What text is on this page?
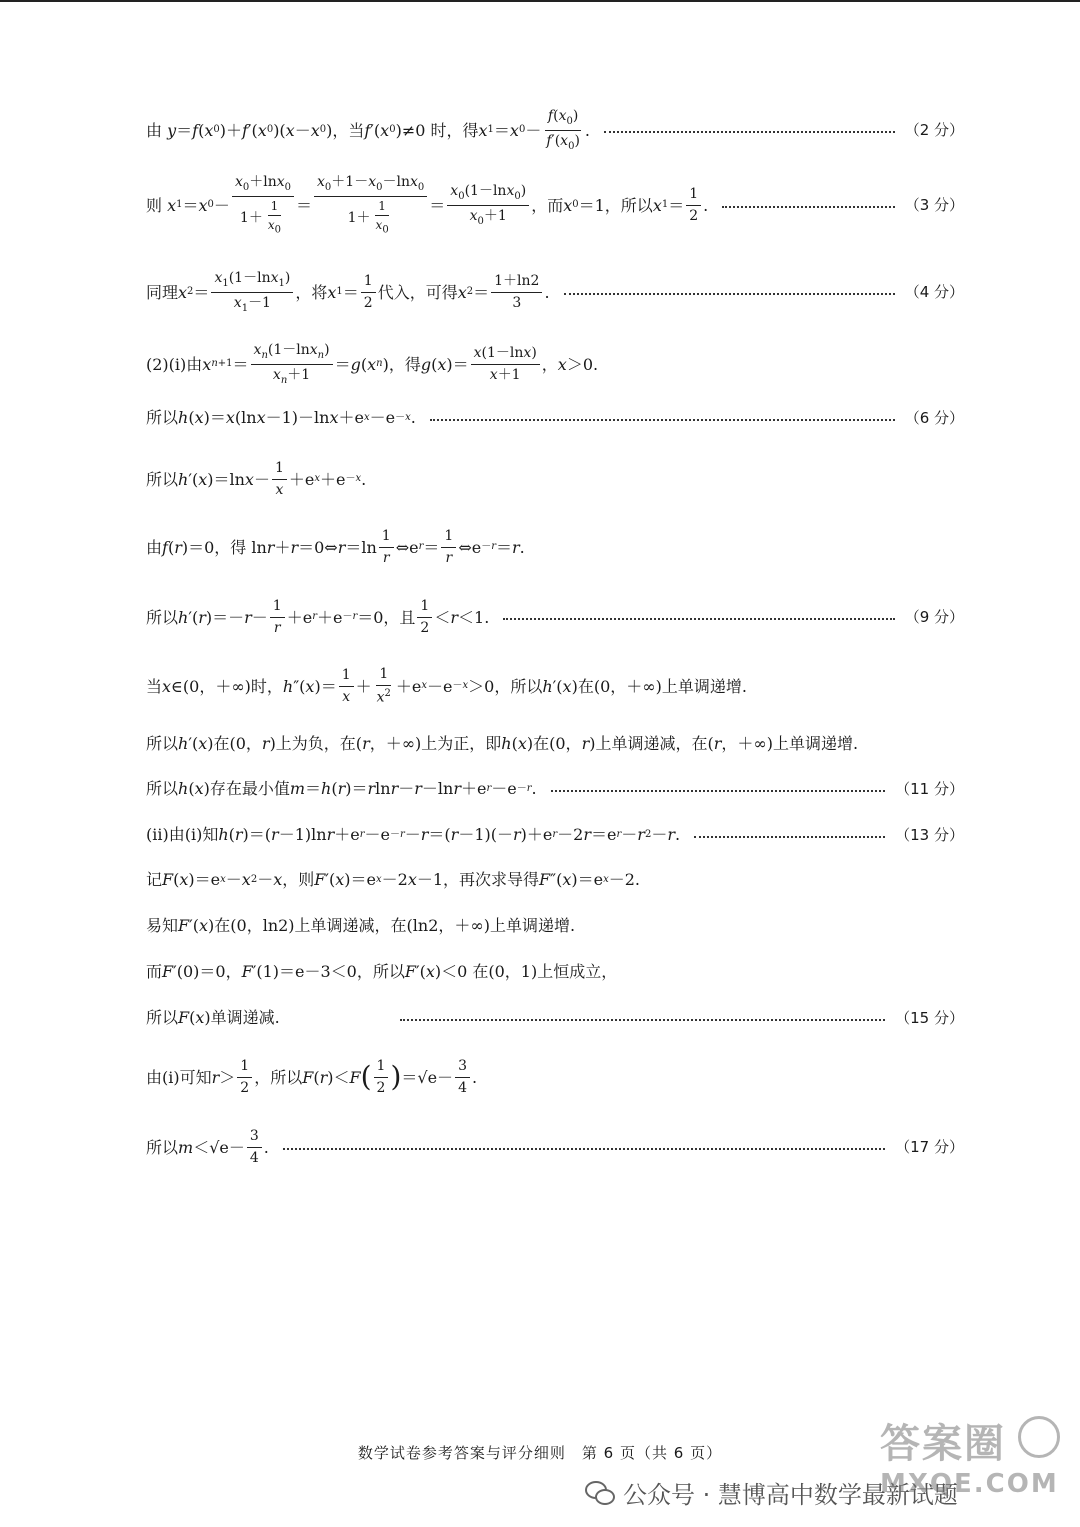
由 y ＝ f ( x 0 )＋ f ′( x 0 )( x － x 0 )，当 f ′( x 0 )≠0 时，得 x 1 ＝ x $0 - \frac{f(x_0)}{f'(x_0)}$ .	（2 分）
则 x 1 ＝ x $0 - \frac{x_0+\ln x_0}{1+ \frac{1}{x_0}} = \frac{x_0+1-x_0-\ln x_0}{1+ \frac{1}{x_0}} = \frac{x_0(1-\ln x_0)}{x_0+1}$ ，而 x 0 ＝1，所以 x $1 = \frac{1}{2}$ .	（3 分）
同理 x $2 = \frac{x_1(1-\ln x_1)}{x_1-1}$ ，将 x $1 = \frac{1}{2}$ 代入，可得 x $2 = \frac{1+\ln 2}{3}$ .	（4 分）
(2)(i)由 x $n+1 = \frac{x_n(1-\ln x_n)}{x_n+1} = g$ ( x n )，得 g ( x )＝ $\frac{x(1-\ln x)}{x+1}$ ， x ＞0.
所以 h ( x )＝ x (ln x －1)－ln x ＋e x －e －x .	（6 分）
所以 h ′( x )＝ln $x - \frac{1}{x} +e$ x ＋e －x .
由 f ( r )＝0，得 ln r ＋ r ＝0⇔ $r =\ln \frac{1}{r}$ ⇔e $r = \frac{1}{r}$ ⇔e －r ＝ r .
所以 h ′( r )＝－ $r - \frac{1}{r} +e$ r ＋e －r ＝0，且 $\frac{1}{2} < r <1$.	（9 分）
当 x ∈(0，＋∞)时， h ″( x )＝ $\frac{1}{x} + \frac{1}{x^2} +e$ x －e －x ＞0，所以 h ′( x )在(0，＋∞)上单调递增.
所以 h ′( x )在(0， r )上为负，在( r ，＋∞)上为正，即 h ( x )在(0， r )上单调递减，在( r ，＋∞)上单调递增.
所以 h ( x )存在最小值 m ＝ h ( r )＝ r ln r － r －ln r ＋e r －e －r .	（11 分）
(ii)由(i)知 h ( r )＝( r －1)ln r ＋e r －e －r － r ＝( r －1)(－ r )＋e r －2 r ＝e r － r 2 － r .	（13 分）
记 F ( x )＝e x － x 2 － x ，则 F ′( x )＝e x －2 x －1，再次求导得 F ″( x )＝e x －2.
易知 F ′( x )在(0，ln2)上单调递减，在(ln2，＋∞)上单调递增.
而 F ′(0)＝0， F ′(1)＝e－3＜0，所以 F ′( x )＜0 在(0，1)上恒成立，
所以 F ( x )单调递减.	（15 分）
由(i)可知 $r > \frac{1}{2}$ ，所以 F ( r )＜ F ( $\frac{1}{2}$ ) $=√e- \frac{3}{4}$ .
所以 $m <√e- \frac{3}{4}$ .	（17 分）
数学试卷参考答案与评分细则　第 6 页（共 6 页）
公众号 · 慧博高中数学最新试题
答案圈
MXQE.COM
